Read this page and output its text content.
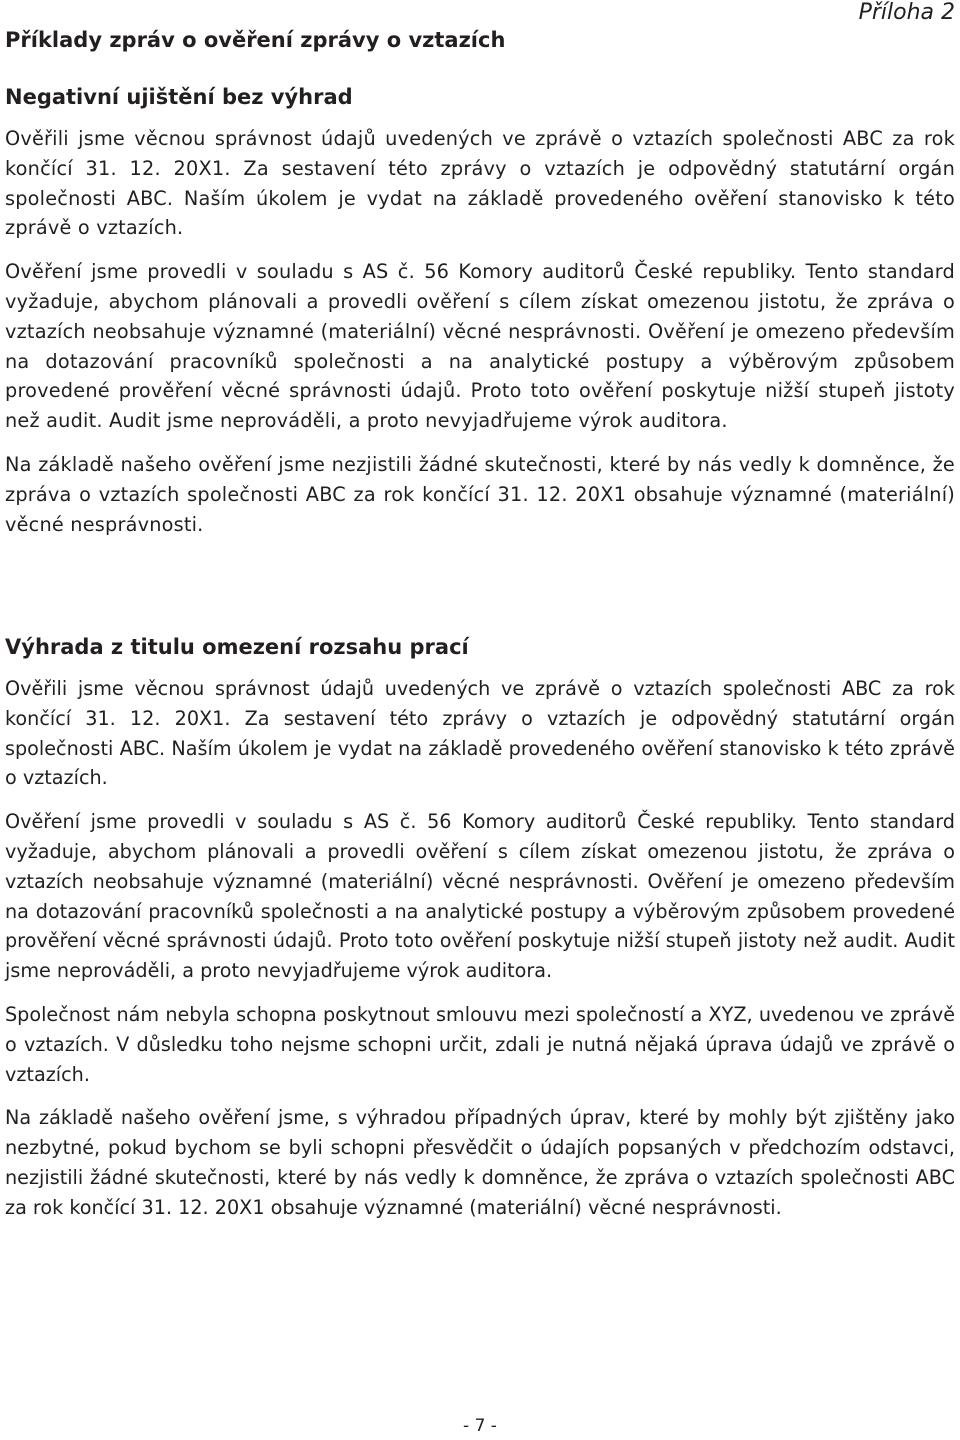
Příloha 2
Příklady zpráv o ověření zprávy o vztazích
Negativní ujištění bez výhrad

Ověřili jsme věcnou správnost údajů uvedených ve zprávě o vztazích společnosti ABC za rok končící 31. 12. 20X1. Za sestavení této zprávy o vztazích je odpovědný statutární orgán společnosti ABC. Naším úkolem je vydat na základě provedeného ověření stanovisko k této zprávě o vztazích.

Ověření jsme provedli v souladu s AS č. 56 Komory auditorů České republiky. Tento standard vyžaduje, abychom plánovali a provedli ověření s cílem získat omezenou jistotu, že zpráva o vztazích neobsahuje významné (materiální) věcné nesprávnosti. Ověření je omezeno především na dotazování pracovníků společnosti a na analytické postupy a výběrovým způsobem provedené prověření věcné správnosti údajů. Proto toto ověření poskytuje nižší stupeň jistoty než audit. Audit jsme neprováděli, a proto nevyjadřujeme výrok auditora.

Na základě našeho ověření jsme nezjistili žádné skutečnosti, které by nás vedly k domněnce, že zpráva o vztazích společnosti ABC za rok končící 31. 12. 20X1 obsahuje významné (materiální) věcné nesprávnosti.

Výhrada z titulu omezení rozsahu prací

Ověřili jsme věcnou správnost údajů uvedených ve zprávě o vztazích společnosti ABC za rok končící 31. 12. 20X1. Za sestavení této zprávy o vztazích je odpovědný statutární orgán společnosti ABC. Naším úkolem je vydat na základě provedeného ověření stanovisko k této zprávě o vztazích.

Ověření jsme provedli v souladu s AS č. 56 Komory auditorů České republiky. Tento standard vyžaduje, abychom plánovali a provedli ověření s cílem získat omezenou jistotu, že zpráva o vztazích neobsahuje významné (materiální) věcné nesprávnosti. Ověření je omezeno především na dotazování pracovníků společnosti a na analytické postupy a výběrovým způsobem provedené prověření věcné správnosti údajů. Proto toto ověření poskytuje nižší stupeň jistoty než audit. Audit jsme neprováděli, a proto nevyjadřujeme výrok auditora.

Společnost nám nebyla schopna poskytnout smlouvu mezi společností a XYZ, uvedenou ve zprávě o vztazích. V důsledku toho nejsme schopni určit, zdali je nutná nějaká úprava údajů ve zprávě o vztazích.

Na základě našeho ověření jsme, s výhradou případných úprav, které by mohly být zjištěny jako nezbytné, pokud bychom se byli schopni přesvědčit o údajích popsaných v předchozím odstavci, nezjistili žádné skutečnosti, které by nás vedly k domněnce, že zpráva o vztazích společnosti ABC za rok končící 31. 12. 20X1 obsahuje významné (materiální) věcné nesprávnosti.

- 7 -
